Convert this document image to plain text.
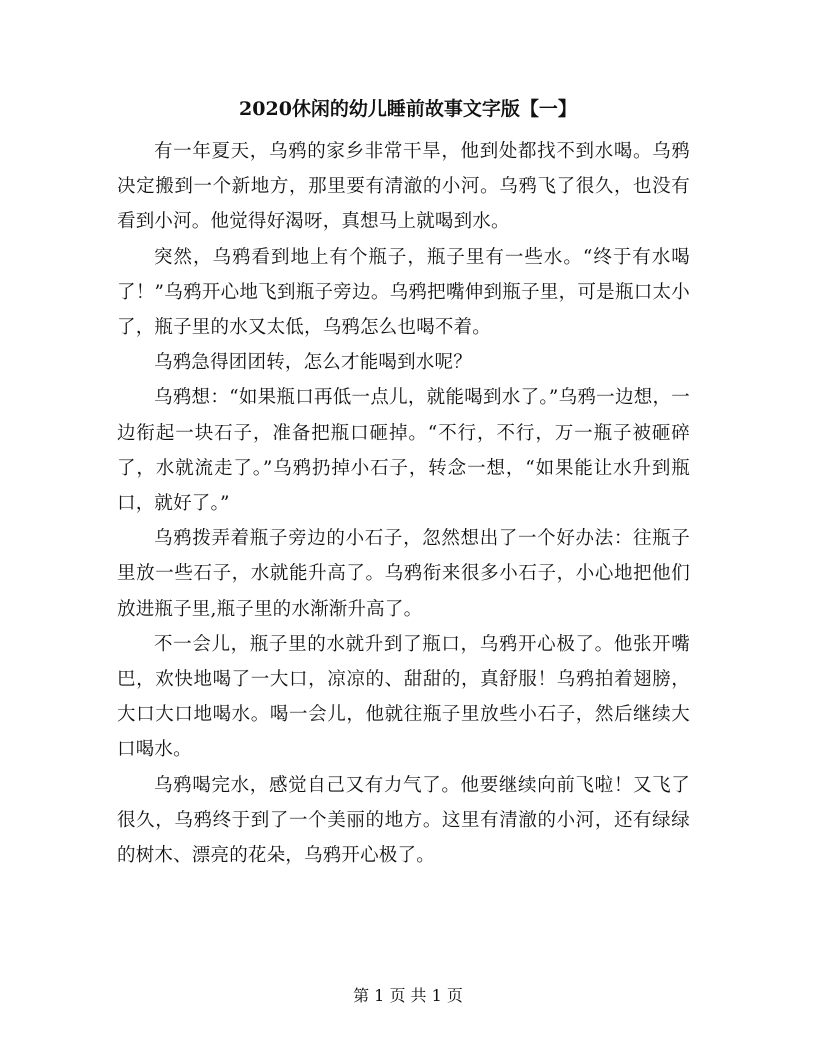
2020休闲的幼儿睡前故事文字版【一】

有一年夏天，乌鸦的家乡非常干旱，他到处都找不到水喝。乌鸦决定搬到一个新地方，那里要有清澈的小河。乌鸦飞了很久，也没有看到小河。他觉得好渴呀，真想马上就喝到水。

突然，乌鸦看到地上有个瓶子，瓶子里有一些水。“终于有水喝了！”乌鸦开心地飞到瓶子旁边。乌鸦把嘴伸到瓶子里，可是瓶口太小了，瓶子里的水又太低，乌鸦怎么也喝不着。

乌鸦急得团团转，怎么才能喝到水呢？

乌鸦想：“如果瓶口再低一点儿，就能喝到水了。”乌鸦一边想，一边衔起一块石子，准备把瓶口砸掉。“不行，不行，万一瓶子被砸碎了，水就流走了。”乌鸦扔掉小石子，转念一想，“如果能让水升到瓶口，就好了。”

乌鸦拨弄着瓶子旁边的小石子，忽然想出了一个好办法：往瓶子里放一些石子，水就能升高了。乌鸦衔来很多小石子，小心地把他们放进瓶子里,瓶子里的水渐渐升高了。

不一会儿，瓶子里的水就升到了瓶口，乌鸦开心极了。他张开嘴巴，欢快地喝了一大口，凉凉的、甜甜的，真舒服！乌鸦拍着翅膀，大口大口地喝水。喝一会儿，他就往瓶子里放些小石子，然后继续大口喝水。

乌鸦喝完水，感觉自己又有力气了。他要继续向前飞啦！又飞了很久，乌鸦终于到了一个美丽的地方。这里有清澈的小河，还有绿绿的树木、漂亮的花朵，乌鸦开心极了。

第 1 页 共 1 页
